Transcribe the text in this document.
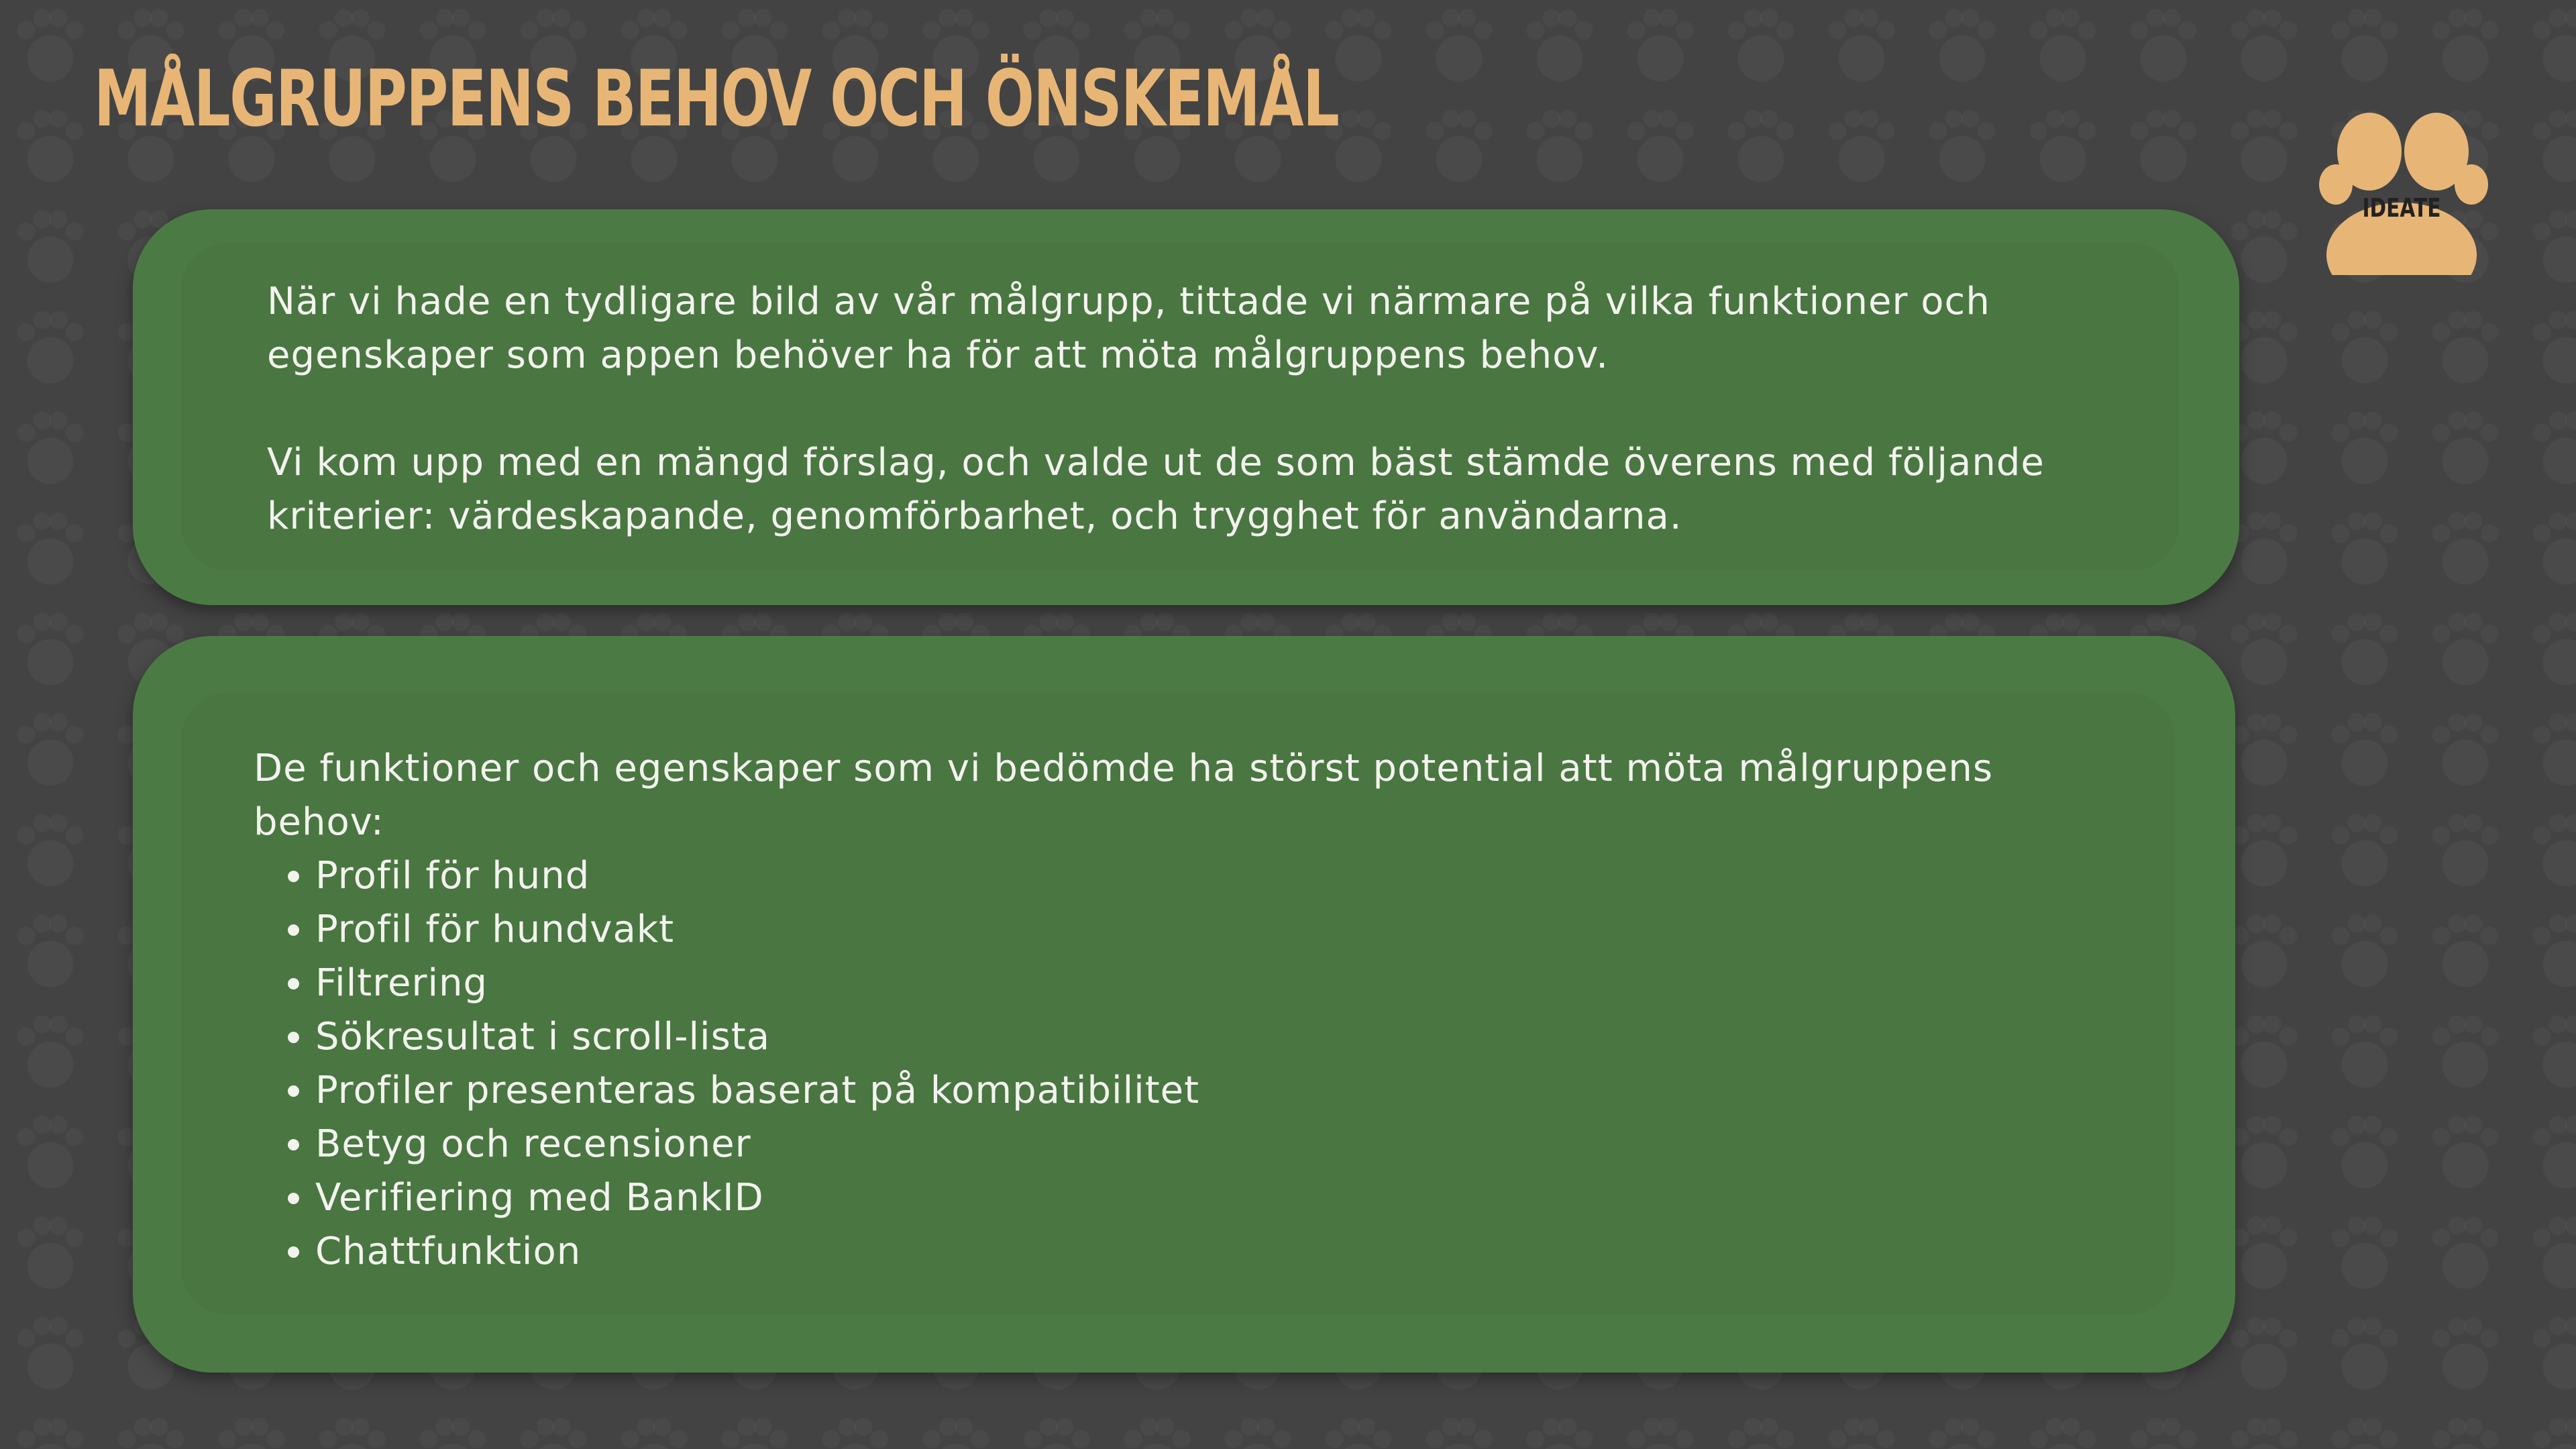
MÅLGRUPPENS BEHOV OCH ÖNSKEMÅL
IDEATE

När vi hade en tydligare bild av vår målgrupp, tittade vi närmare på vilka funktioner och

egenskaper som appen behöver ha för att möta målgruppens behov.

Vi kom upp med en mängd förslag, och valde ut de som bäst stämde överens med följande

kriterier: värdeskapande, genomförbarhet, och trygghet för användarna.

De funktioner och egenskaper som vi bedömde ha störst potential att möta målgruppens

behov:

• Profil för hund
• Profil för hundvakt
• Filtrering
• Sökresultat i scroll-lista
• Profiler presenteras baserat på kompatibilitet
• Betyg och recensioner
• Verifiering med BankID
• Chattfunktion
